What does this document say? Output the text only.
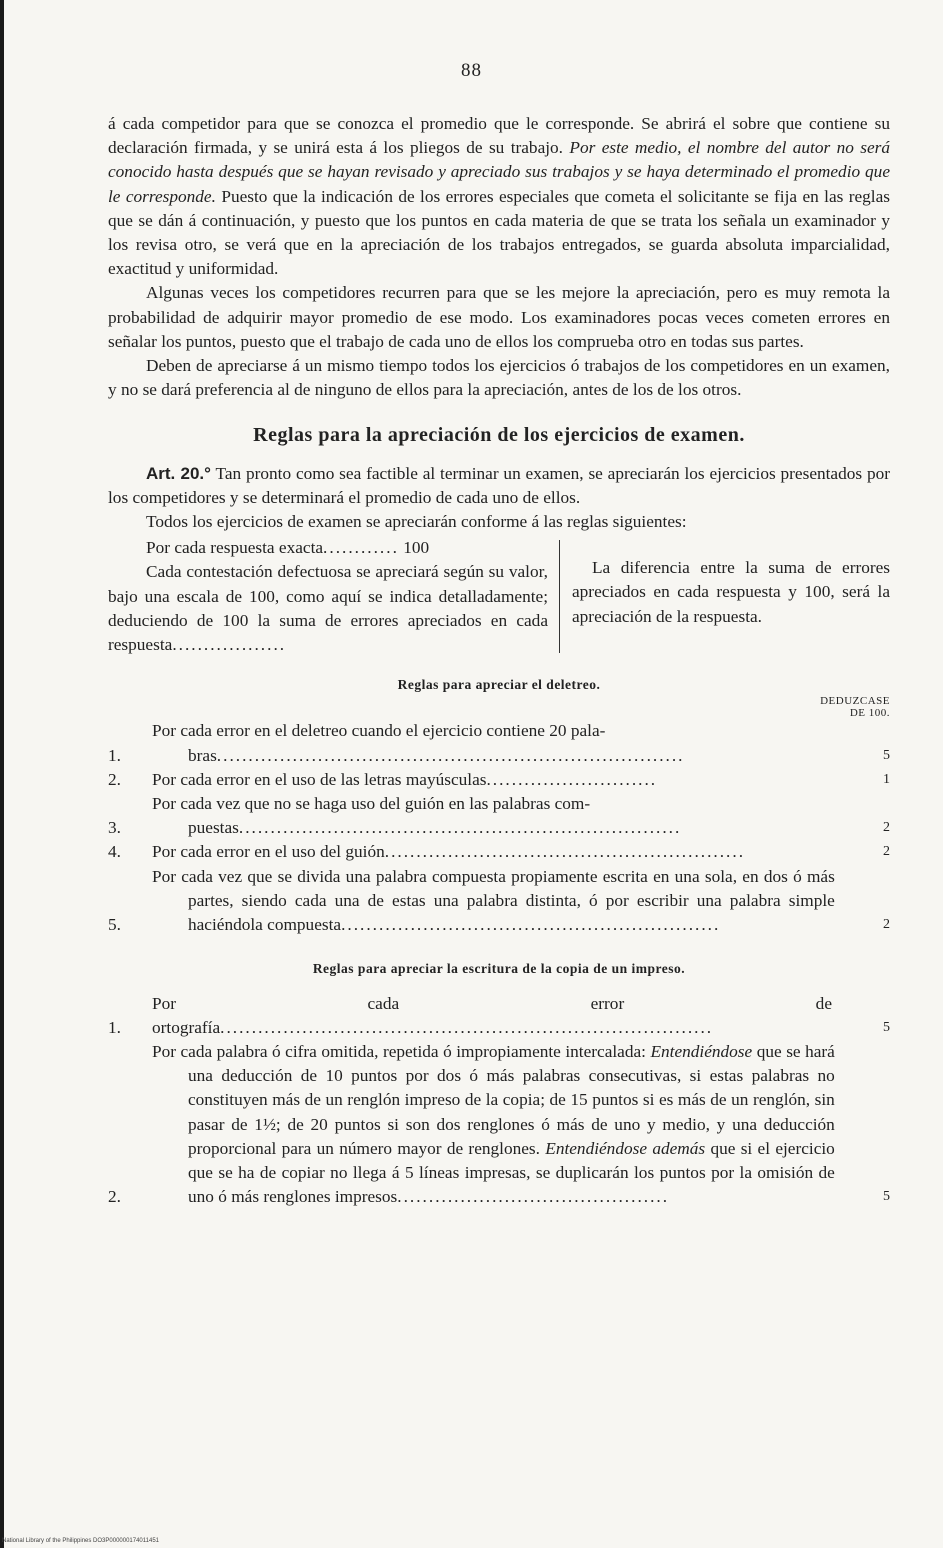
88

á cada competidor para que se conozca el promedio que le corresponde. Se abrirá el sobre que contiene su declaración firmada, y se unirá esta á los pliegos de su trabajo. Por este medio, el nombre del autor no será conocido hasta después que se hayan revisado y apreciado sus trabajos y se haya determinado el promedio que le corresponde. Puesto que la indicación de los errores especiales que cometa el solicitante se fija en las reglas que se dán á continuación, y puesto que los puntos en cada materia de que se trata los señala un examinador y los revisa otro, se verá que en la apreciación de los trabajos entregados, se guarda absoluta imparcialidad, exactitud y uniformidad.

Algunas veces los competidores recurren para que se les mejore la apreciación, pero es muy remota la probabilidad de adquirir mayor promedio de ese modo. Los examinadores pocas veces cometen errores en señalar los puntos, puesto que el trabajo de cada uno de ellos los comprueba otro en todas sus partes.

Deben de apreciarse á un mismo tiempo todos los ejercicios ó trabajos de los competidores en un examen, y no se dará preferencia al de ninguno de ellos para la apreciación, antes de los de los otros.

Reglas para la apreciación de los ejercicios de examen.

Art. 20.° Tan pronto como sea factible al terminar un examen, se apreciarán los ejercicios presentados por los competidores y se determinará el promedio de cada uno de ellos.

Todos los ejercicios de examen se apreciarán conforme á las reglas siguientes:

Por cada respuesta exacta............ 100
Cada contestación defectuosa se apreciará según su valor, bajo una escala de 100, como aquí se indica detalladamente; deduciendo de 100 la suma de errores apreciados en cada respuesta..................
La diferencia entre la suma de errores apreciados en cada respuesta y 100, será la apreciación de la respuesta.
Reglas para apreciar el deletreo.
DEDUZCASE
DE 100.
1.
Por cada error en el deletreo cuando el ejercicio contiene 20 pala-
bras..........................................................................	5
2.	Por cada error en el uso de las letras mayúsculas...........................	1
3.
Por cada vez que no se haga uso del guión en las palabras com-
puestas......................................................................	2
4.	Por cada error en el uso del guión.........................................................	2
5.
Por cada vez que se divida una palabra compuesta propiamente escrita en una sola, en dos ó más partes, siendo cada una de estas una palabra distinta, ó por escribir una palabra simple haciéndola compuesta............................................................	2
Reglas para apreciar la escritura de la copia de un impreso.
1.
Por cada error de ortografía..............................................................................	5
2.
Por cada palabra ó cifra omitida, repetida ó impropiamente intercalada: Entendiéndose que se hará una deducción de 10 puntos por dos ó más palabras consecutivas, si estas palabras no constituyen más de un renglón impreso de la copia; de 15 puntos si es más de un renglón, sin pasar de 1½; de 20 puntos si son dos renglones ó más de uno y medio, y una deducción proporcional para un número mayor de renglones. Entendiéndose además que si el ejercicio que se ha de copiar no llega á 5 líneas impresas, se duplicarán los puntos por la omisión de uno ó más renglones impresos...........................................	5
National Library of the Philippines DO3P000000174011451
